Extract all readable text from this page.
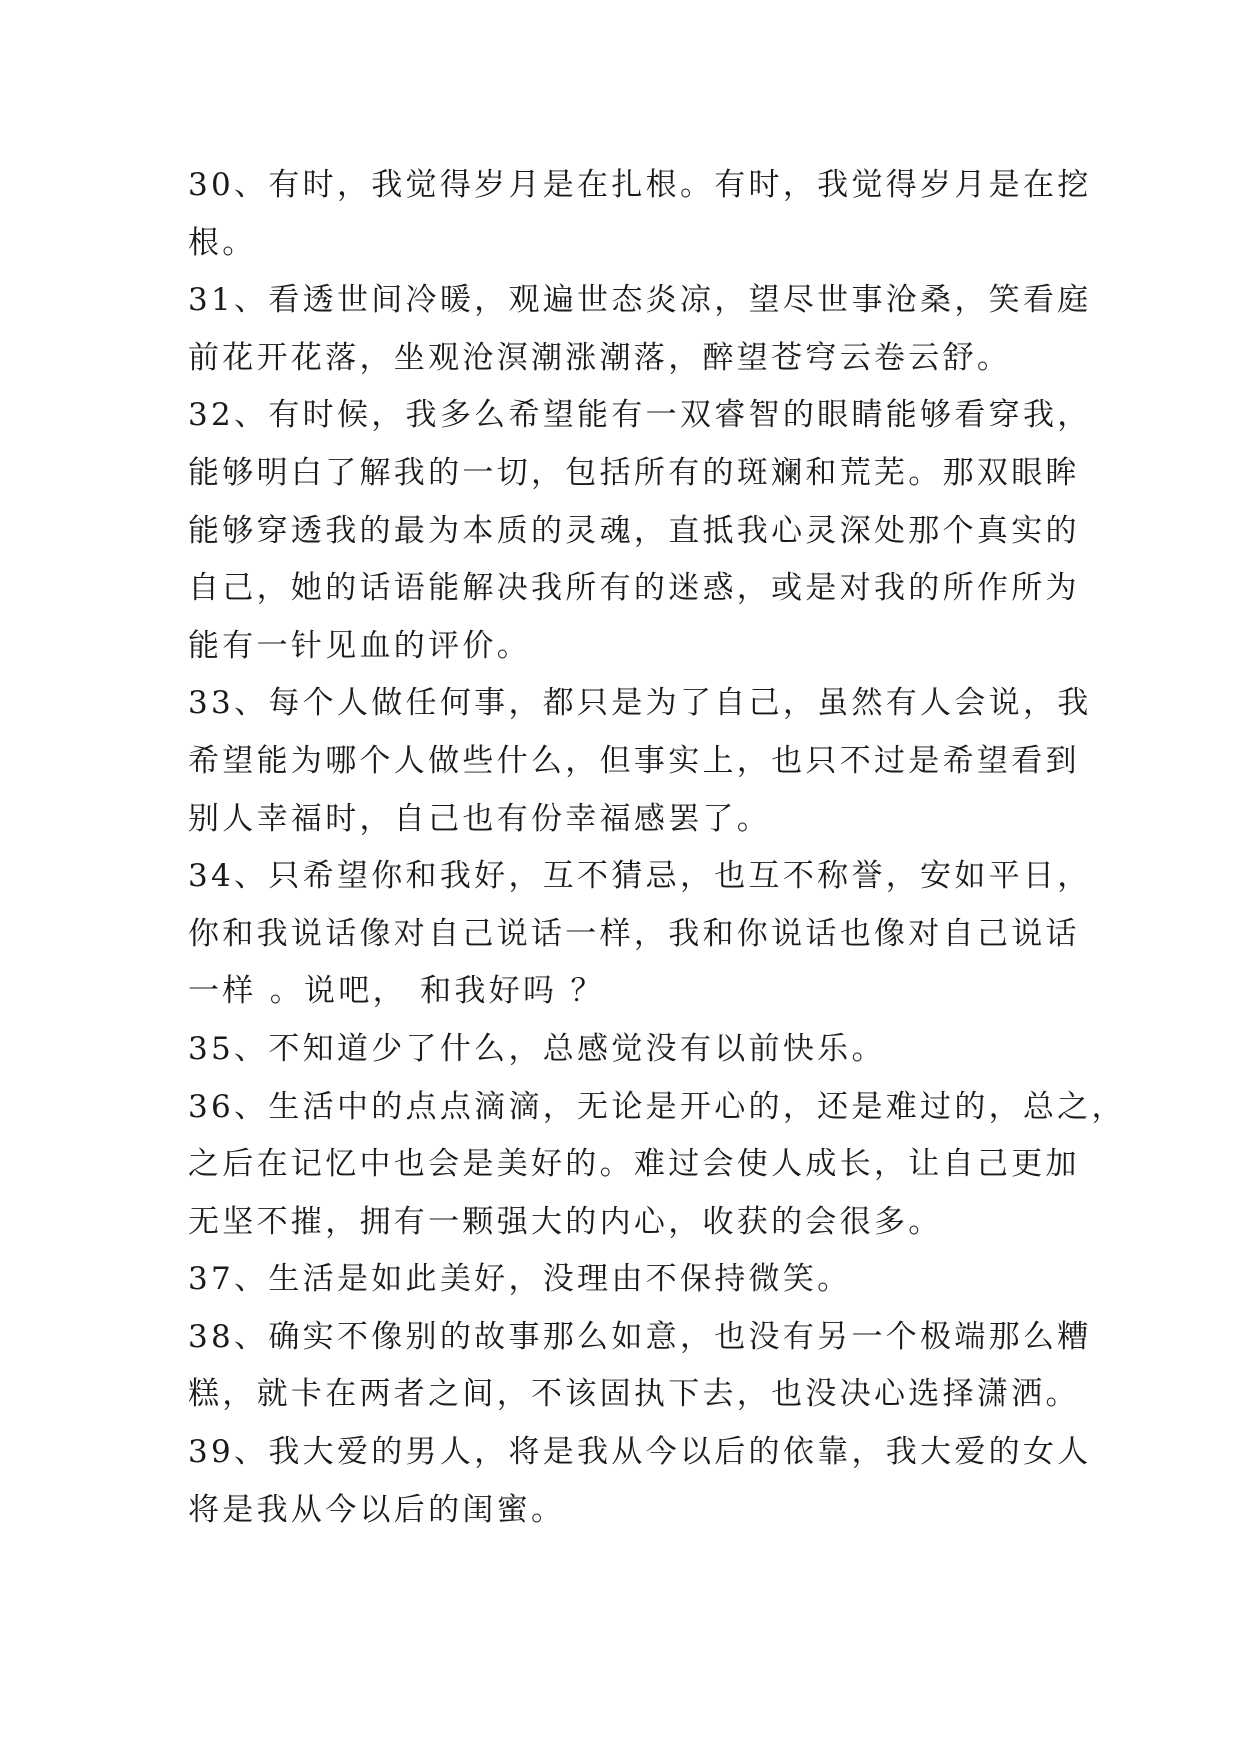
30、有时，我觉得岁月是在扎根。有时，我觉得岁月是在挖
根。
31、看透世间冷暖，观遍世态炎凉，望尽世事沧桑，笑看庭
前花开花落，坐观沧溟潮涨潮落，醉望苍穹云卷云舒。
32、有时候，我多么希望能有一双睿智的眼睛能够看穿我，
能够明白了解我的一切，包括所有的斑斓和荒芜。那双眼眸
能够穿透我的最为本质的灵魂，直抵我心灵深处那个真实的
自己，她的话语能解决我所有的迷惑，或是对我的所作所为
能有一针见血的评价。
33、每个人做任何事，都只是为了自己，虽然有人会说，我
希望能为哪个人做些什么，但事实上，也只不过是希望看到
别人幸福时，自己也有份幸福感罢了。
34、只希望你和我好，互不猜忌，也互不称誉，安如平日，
你和我说话像对自己说话一样，我和你说话也像对自己说话
一样 。说吧， 和我好吗 ？
35、不知道少了什么，总感觉没有以前快乐。
36、生活中的点点滴滴，无论是开心的，还是难过的，总之，
之后在记忆中也会是美好的。难过会使人成长，让自己更加
无坚不摧，拥有一颗强大的内心，收获的会很多。
37、生活是如此美好，没理由不保持微笑。
38、确实不像别的故事那么如意，也没有另一个极端那么糟
糕，就卡在两者之间，不该固执下去，也没决心选择潇洒。
39、我大爱的男人，将是我从今以后的依靠，我大爱的女人
将是我从今以后的闺蜜。
